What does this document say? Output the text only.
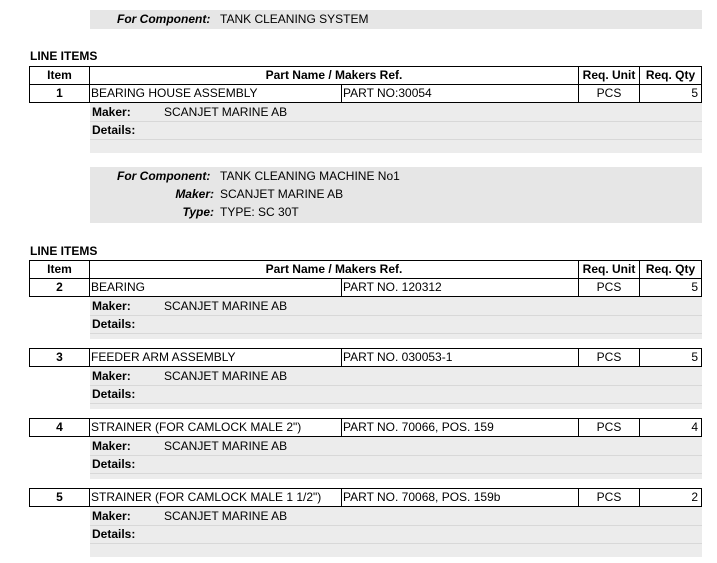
For Component: TANK CLEANING SYSTEM
LINE ITEMS
Item	Part Name / Makers Ref.	Req. Unit Req. Qty
1	BEARING HOUSE ASSEMBLY	PART NO:30054	PCS	5
Maker:	SCANJET MARINE AB
Details:
For Component: TANK CLEANING MACHINE No1
Maker: SCANJET MARINE AB
Type: TYPE: SC 30T
LINE ITEMS
Item	Part Name / Makers Ref.	Req. Unit Req. Qty
2	BEARING	PART NO. 120312	PCS	5
Maker:	SCANJET MARINE AB
Details:
3	FEEDER ARM ASSEMBLY	PART NO. 030053-1	PCS	5
Maker:	SCANJET MARINE AB
Details:
4	STRAINER (FOR CAMLOCK MALE 2")	PART NO. 70066, POS. 159	PCS	4
Maker:	SCANJET MARINE AB
Details:
5	STRAINER (FOR CAMLOCK MALE 1 1/2")	PART NO. 70068, POS. 159b	PCS	2
Maker:	SCANJET MARINE AB
Details:
